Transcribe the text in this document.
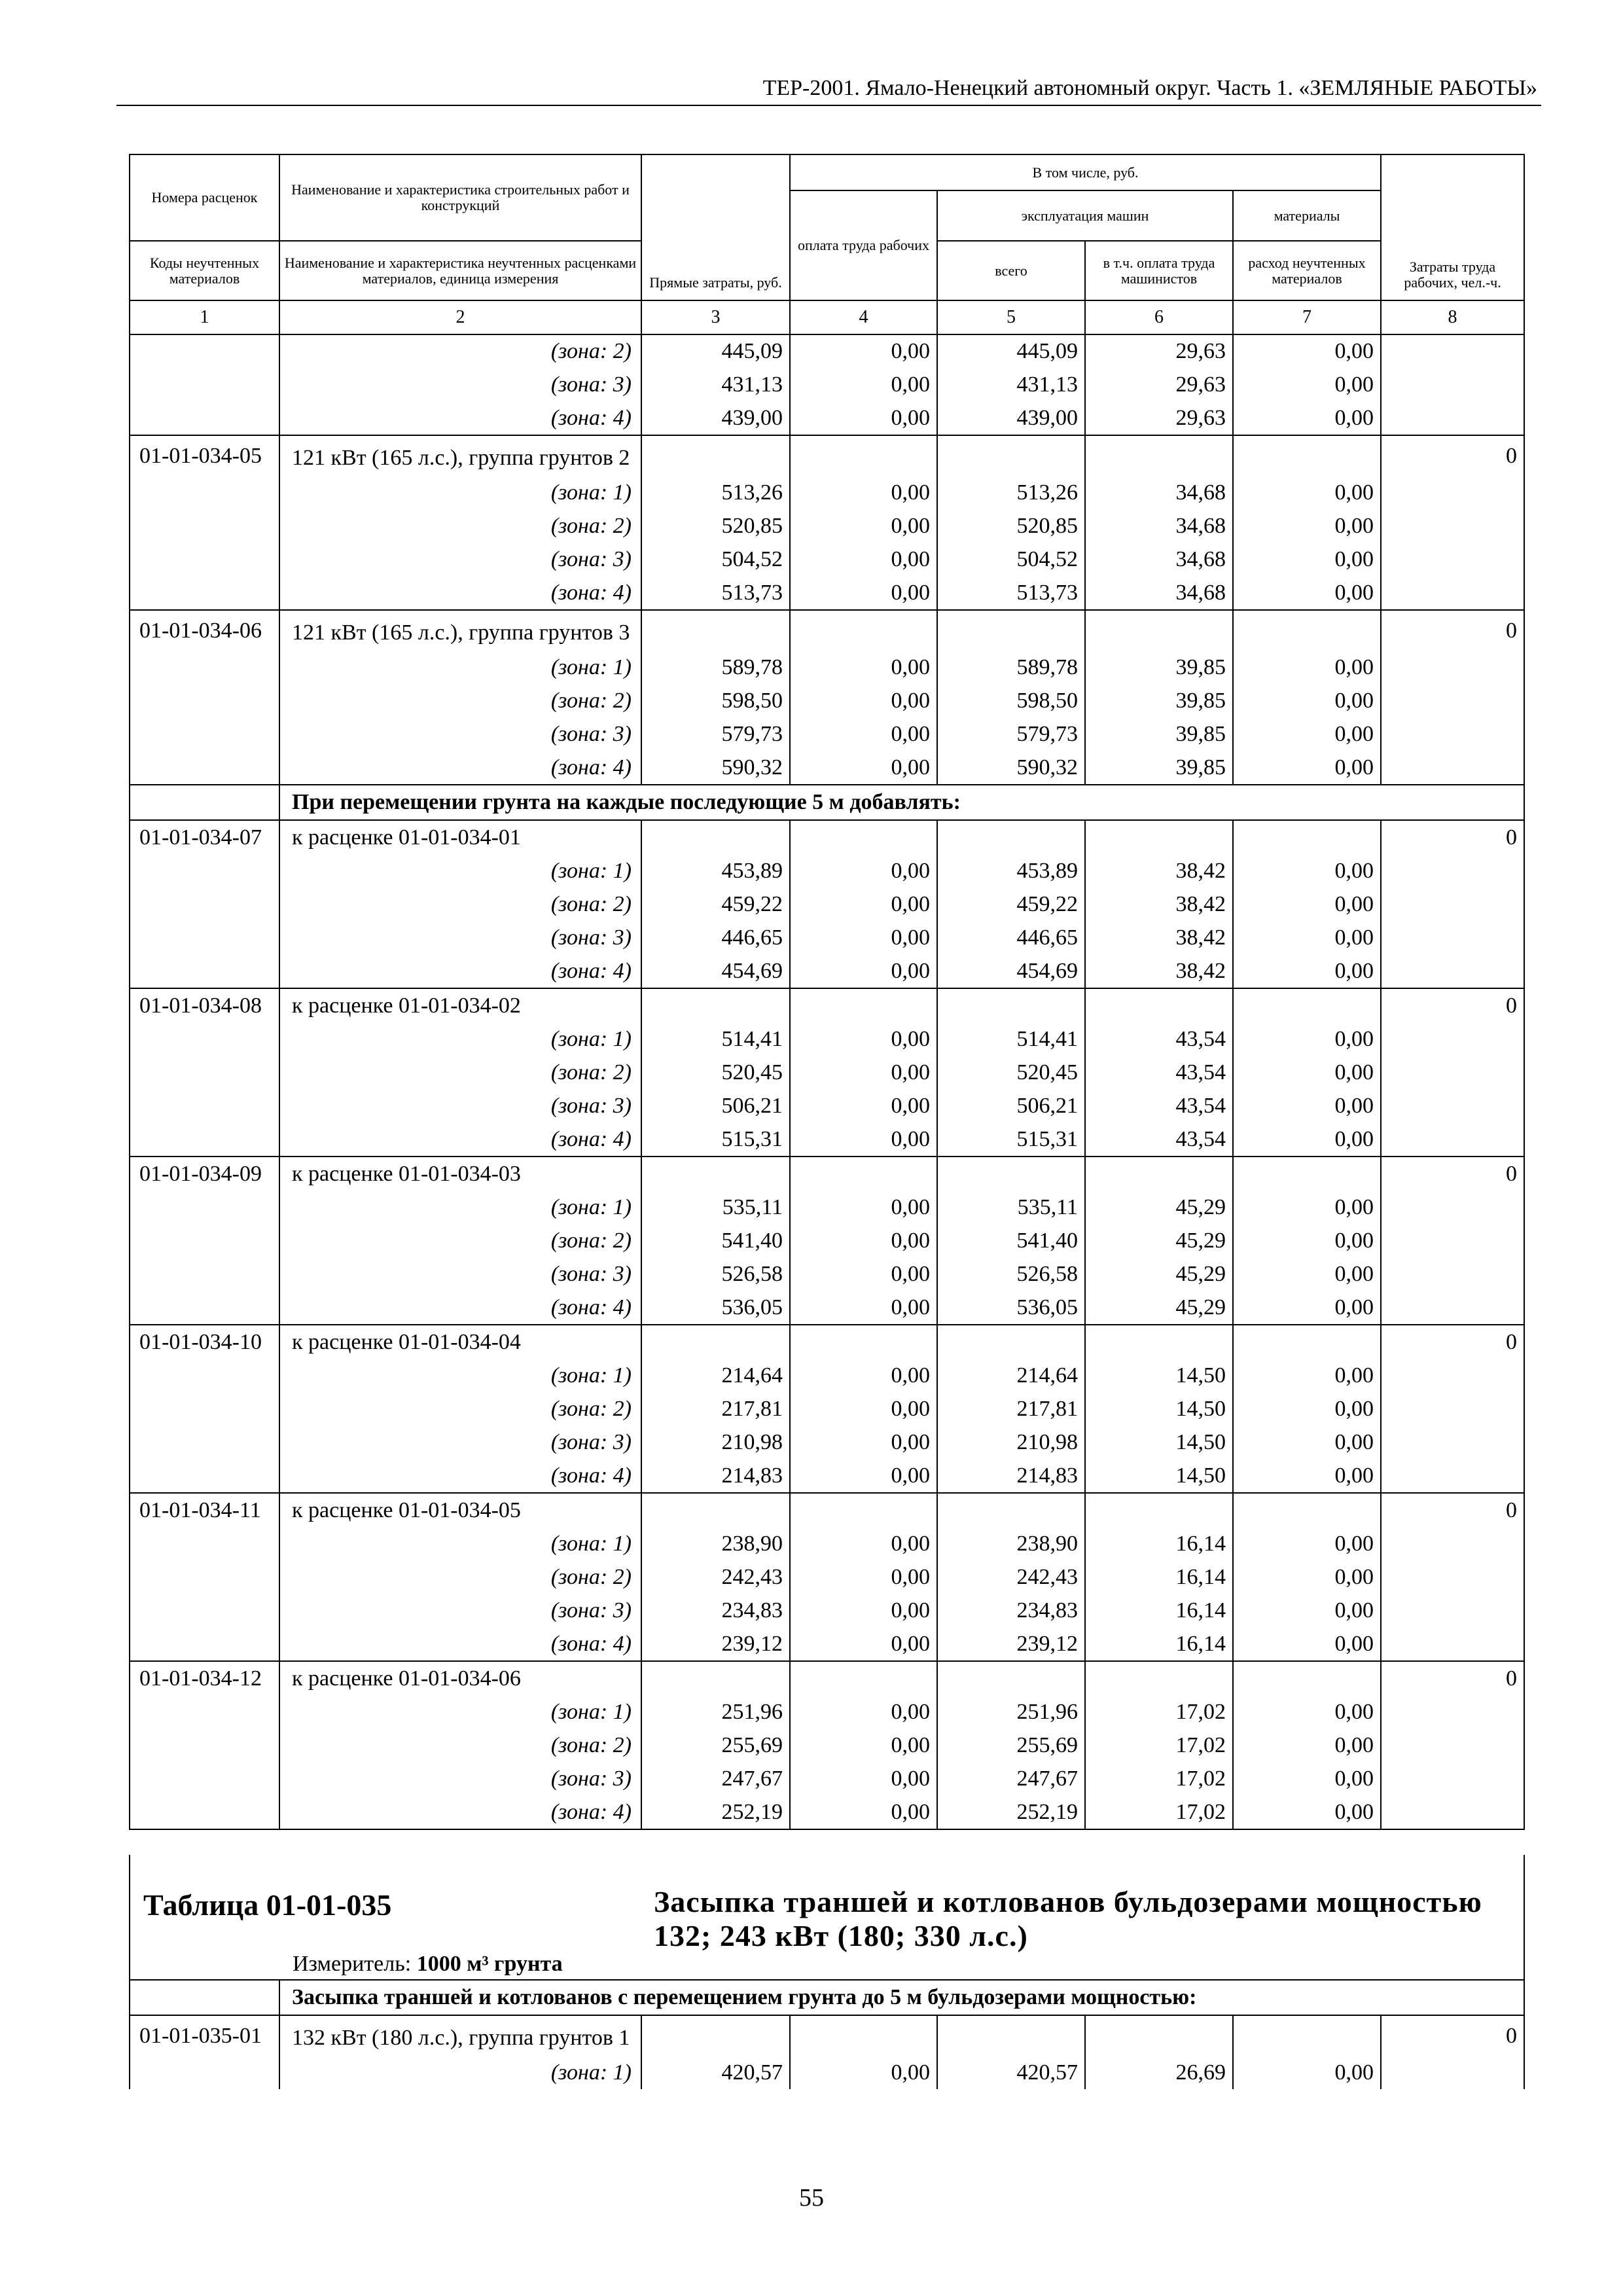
ТЕР-2001. Ямало-Ненецкий автономный округ. Часть 1. «ЗЕМЛЯНЫЕ РАБОТЫ»
Номера расценок	Наименование и характеристика строительных работ и конструкций	Прямые затраты, руб.	В том числе, руб.				Затраты труда рабочих, чел.-ч.
			оплата труда рабочих	эксплуатация машин		материалы	
Коды неучтенных материалов	Наименование и характеристика неучтенных расценками материалов, единица измерения			всего	в т.ч. оплата труда машинистов	расход неучтенных материалов	
1	2	3	4	5	6	7	8
	(зона: 2)	445,09	0,00	445,09	29,63	0,00	
	(зона: 3)	431,13	0,00	431,13	29,63	0,00	
	(зона: 4)	439,00	0,00	439,00	29,63	0,00	
01-01-034-05	121 кВт (165 л.с.), группа грунтов 2						0
	(зона: 1)	513,26	0,00	513,26	34,68	0,00	
	(зона: 2)	520,85	0,00	520,85	34,68	0,00	
	(зона: 3)	504,52	0,00	504,52	34,68	0,00	
	(зона: 4)	513,73	0,00	513,73	34,68	0,00	
01-01-034-06	121 кВт (165 л.с.), группа грунтов 3						0
	(зона: 1)	589,78	0,00	589,78	39,85	0,00	
	(зона: 2)	598,50	0,00	598,50	39,85	0,00	
	(зона: 3)	579,73	0,00	579,73	39,85	0,00	
	(зона: 4)	590,32	0,00	590,32	39,85	0,00	
	При перемещении грунта на каждые последующие 5 м добавлять:						
01-01-034-07	к расценке 01-01-034-01						0
	(зона: 1)	453,89	0,00	453,89	38,42	0,00	
	(зона: 2)	459,22	0,00	459,22	38,42	0,00	
	(зона: 3)	446,65	0,00	446,65	38,42	0,00	
	(зона: 4)	454,69	0,00	454,69	38,42	0,00	
01-01-034-08	к расценке 01-01-034-02						0
	(зона: 1)	514,41	0,00	514,41	43,54	0,00	
	(зона: 2)	520,45	0,00	520,45	43,54	0,00	
	(зона: 3)	506,21	0,00	506,21	43,54	0,00	
	(зона: 4)	515,31	0,00	515,31	43,54	0,00	
01-01-034-09	к расценке 01-01-034-03						0
	(зона: 1)	535,11	0,00	535,11	45,29	0,00	
	(зона: 2)	541,40	0,00	541,40	45,29	0,00	
	(зона: 3)	526,58	0,00	526,58	45,29	0,00	
	(зона: 4)	536,05	0,00	536,05	45,29	0,00	
01-01-034-10	к расценке 01-01-034-04						0
	(зона: 1)	214,64	0,00	214,64	14,50	0,00	
	(зона: 2)	217,81	0,00	217,81	14,50	0,00	
	(зона: 3)	210,98	0,00	210,98	14,50	0,00	
	(зона: 4)	214,83	0,00	214,83	14,50	0,00	
01-01-034-11	к расценке 01-01-034-05						0
	(зона: 1)	238,90	0,00	238,90	16,14	0,00	
	(зона: 2)	242,43	0,00	242,43	16,14	0,00	
	(зона: 3)	234,83	0,00	234,83	16,14	0,00	
	(зона: 4)	239,12	0,00	239,12	16,14	0,00	
01-01-034-12	к расценке 01-01-034-06						0
	(зона: 1)	251,96	0,00	251,96	17,02	0,00	
	(зона: 2)	255,69	0,00	255,69	17,02	0,00	
	(зона: 3)	247,67	0,00	247,67	17,02	0,00	
	(зона: 4)	252,19	0,00	252,19	17,02	0,00	
Таблица 01-01-035	Засыпка траншей и котлованов бульдозерами мощностью 132; 243 кВт (180; 330 л.с.)
Измеритель: 1000 м³ грунта
	Засыпка траншей и котлованов с перемещением грунта до 5 м бульдозерами мощностью:						
01-01-035-01	132 кВт (180 л.с.), группа грунтов 1						0
	(зона: 1)	420,57	0,00	420,57	26,69	0,00	
55
